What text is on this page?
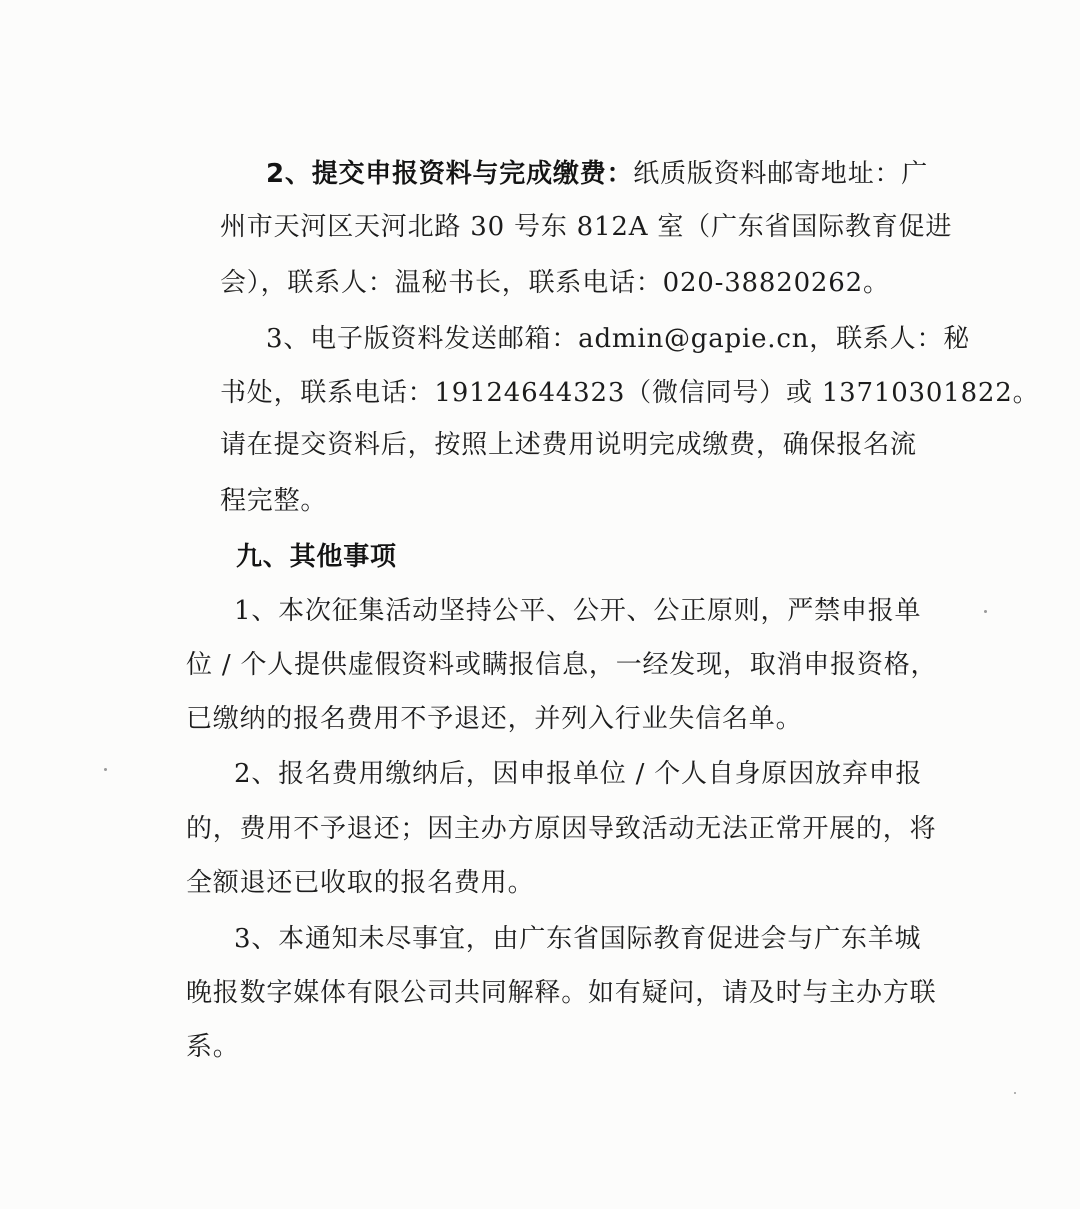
2、提交申报资料与完成缴费：纸质版资料邮寄地址：广
州市天河区天河北路 30 号东 812A 室（广东省国际教育促进
会），联系人：温秘书长，联系电话：020-38820262。
3、电子版资料发送邮箱：admin@gapie.cn，联系人：秘
书处，联系电话：19124644323（微信同号）或 13710301822。
请在提交资料后，按照上述费用说明完成缴费，确保报名流
程完整。
九、其他事项
1、本次征集活动坚持公平、公开、公正原则，严禁申报单
位 / 个人提供虚假资料或瞒报信息，一经发现，取消申报资格，
已缴纳的报名费用不予退还，并列入行业失信名单。
2、报名费用缴纳后，因申报单位 / 个人自身原因放弃申报
的，费用不予退还；因主办方原因导致活动无法正常开展的，将
全额退还已收取的报名费用。
3、本通知未尽事宜，由广东省国际教育促进会与广东羊城
晚报数字媒体有限公司共同解释。如有疑问，请及时与主办方联
系。
